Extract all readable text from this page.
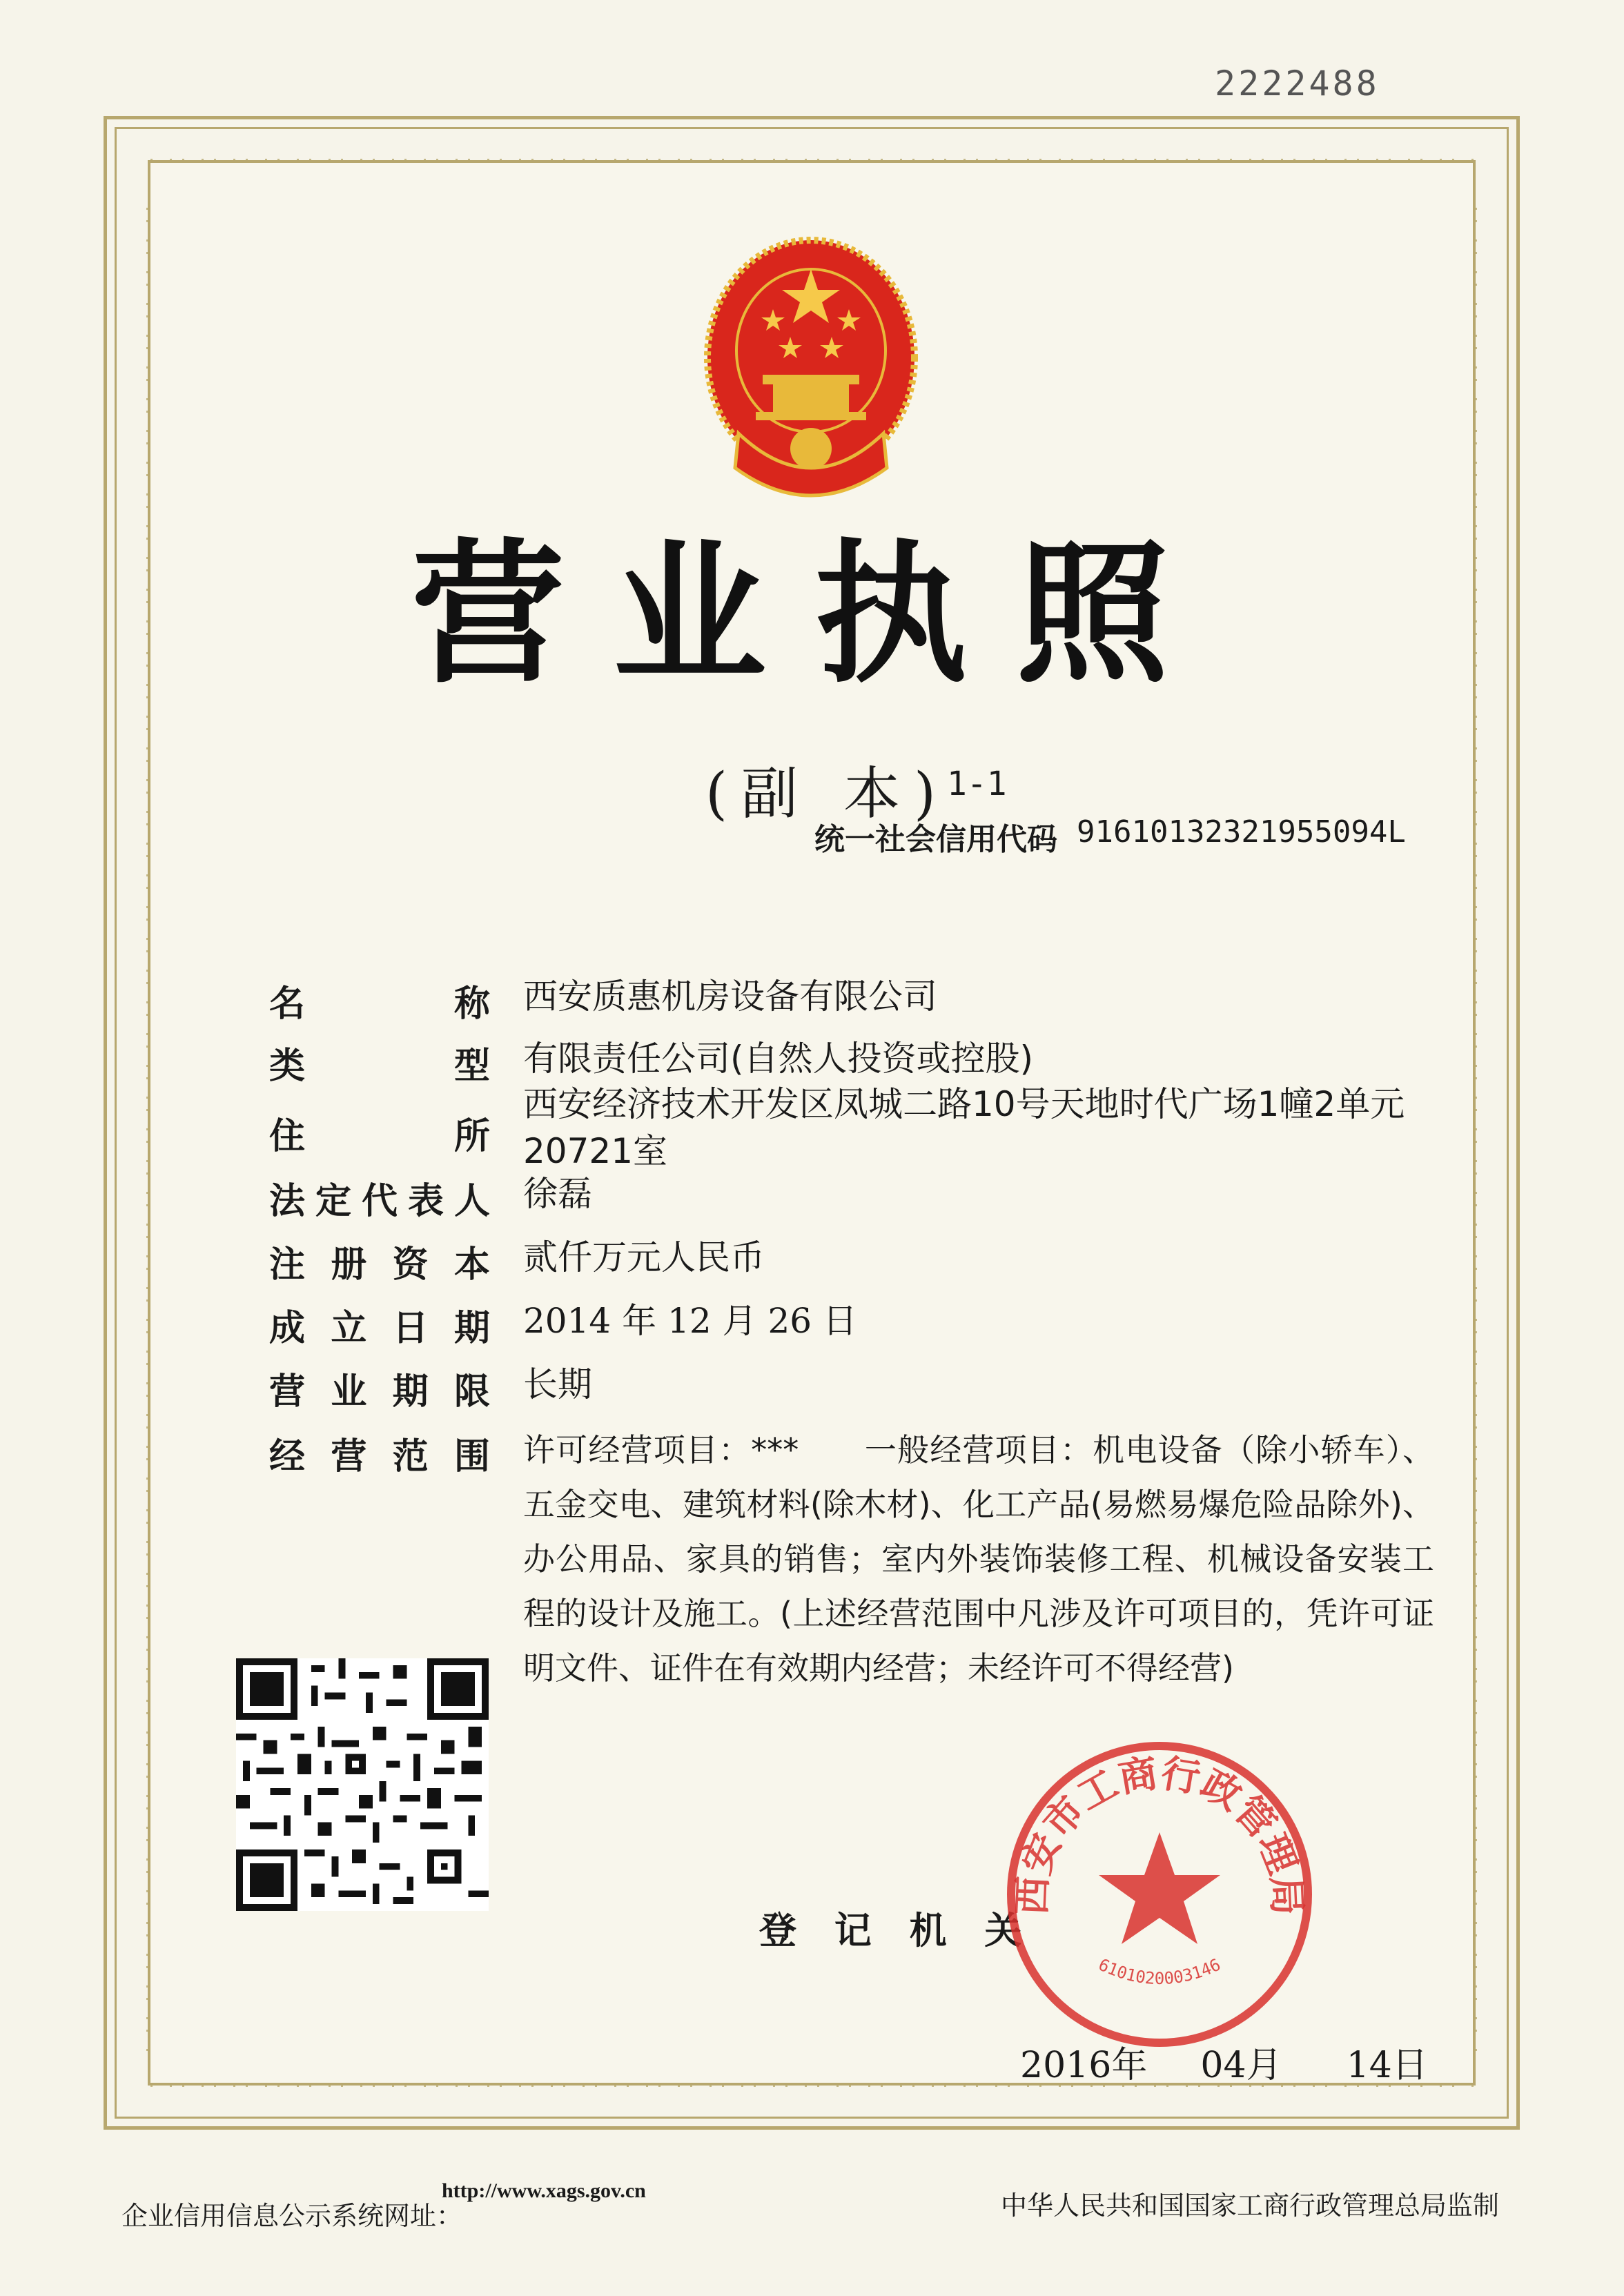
2222488
营业执照
(副 本)
1-1
统一社会信用代码 91610132321955094L
名称 西安质惠机房设备有限公司
类型 有限责任公司(自然人投资或控股)
住所
西安经济技术开发区凤城二路10号天地时代广场1幢2单元20721室
法定代表人 徐磊
注册资本 贰仟万元人民币
成立日期 2014 年 12 月 26 日
营业期限 长期
经营范围 许可经营项目：***　　一般经营项目：机电设备（除小轿车）、五金交电、建筑材料(除木材)、化工产品(易燃易爆危险品除外)、办公用品、家具的销售；室内外装饰装修工程、机械设备安装工程的设计及施工。(上述经营范围中凡涉及许可项目的，凭许可证明文件、证件在有效期内经营；未经许可不得经营)
登 记 机 关
西安市工商行政管理局
6101020003146
2016年 04月 14日
企业信用信息公示系统网址：
http://www.xags.gov.cn	中华人民共和国国家工商行政管理总局监制
